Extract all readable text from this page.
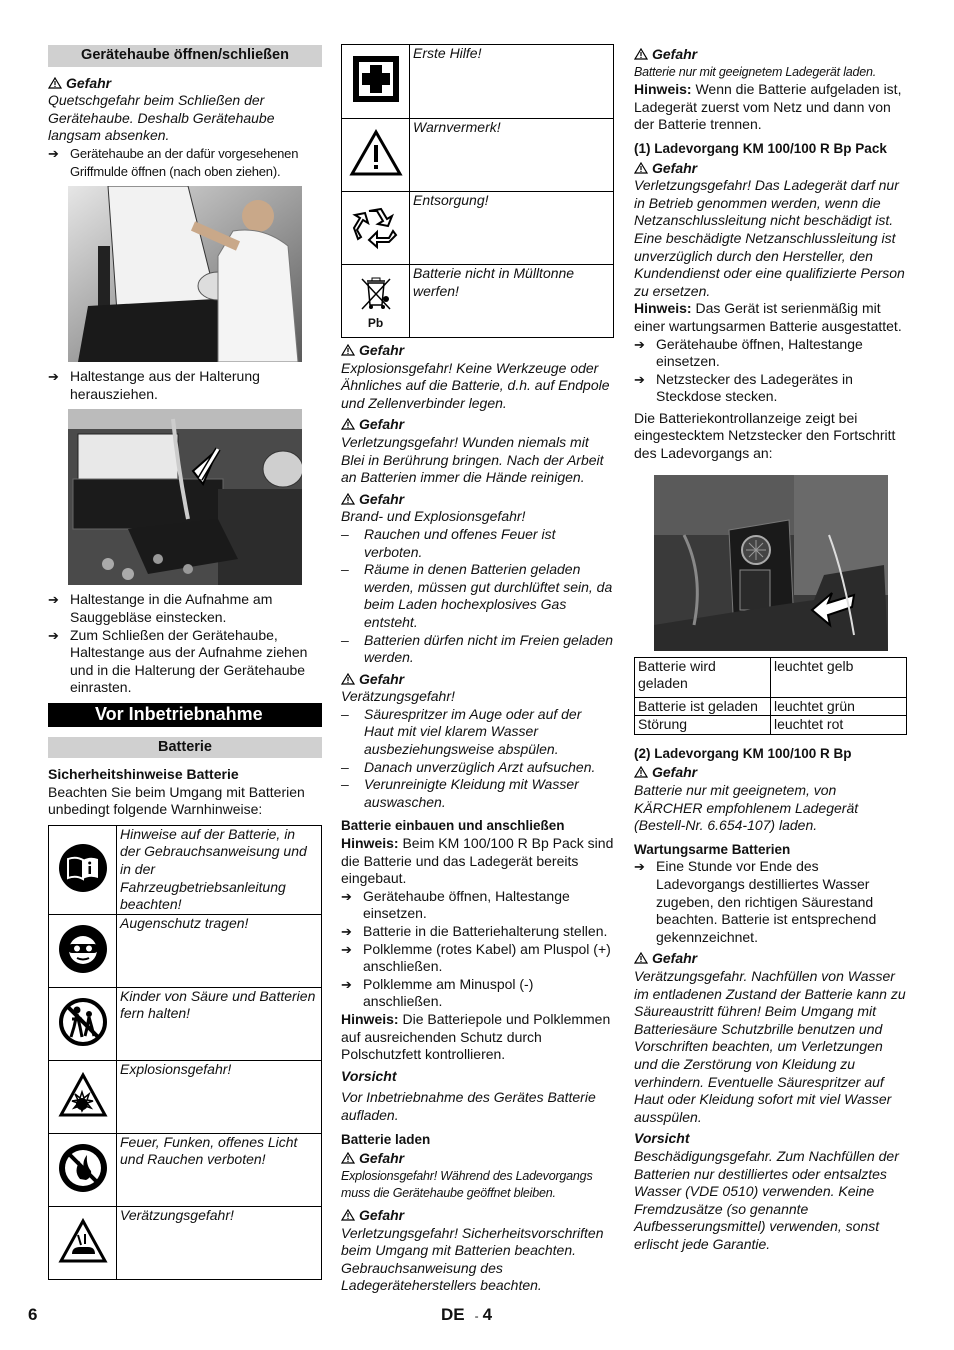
Gerätehaube öffnen/schließen
Gefahr

Quetschgefahr beim Schließen der Gerätehaube. Deshalb Gerätehaube langsam absenken.

➔ Gerätehaube an der dafür vorgesehenen Griffmulde öffnen (nach oben ziehen).

➔ Haltestange aus der Halterung herausziehen.

➔ Haltestange in die Aufnahme am Sauggebläse einstecken.

➔ Zum Schließen der Gerätehaube, Haltestange aus der Aufnahme ziehen und in die Halterung der Gerätehaube einrasten.

Vor Inbetriebnahme
Batterie

Sicherheitshinweise Batterie

Beachten Sie beim Umgang mit Batterien unbedingt folgende Warnhinweise:

	Hinweise auf der Batterie, in der Gebrauchsanweisung und in der Fahrzeugbetriebsanleitung beachten!
	Augenschutz tragen!
	Kinder von Säure und Batterien fern halten!
	Explosionsgefahr!
	Feuer, Funken, offenes Licht und Rauchen verboten!
	Verätzungsgefahr!
	Erste Hilfe!
	Warnvermerk!
	Entsorgung!

Pb	Batterie nicht in Mülltonne werfen!
Gefahr

Explosionsgefahr! Keine Werkzeuge oder Ähnliches auf die Batterie, d.h. auf Endpole und Zellenverbinder legen.

Gefahr

Verletzungsgefahr! Wunden niemals mit Blei in Berührung bringen. Nach der Arbeit an Batterien immer die Hände reinigen.

Gefahr

Brand- und Explosionsgefahr!

– Rauchen und offenes Feuer ist verboten.

– Räume in denen Batterien geladen werden, müssen gut durchlüftet sein, da beim Laden hochexplosives Gas entsteht.

– Batterien dürfen nicht im Freien geladen werden.

Gefahr

Verätzungsgefahr!

– Säurespritzer im Auge oder auf der Haut mit viel klarem Wasser ausbeziehungsweise abspülen.

– Danach unverzüglich Arzt aufsuchen.

– Verunreinigte Kleidung mit Wasser auswaschen.

Batterie einbauen und anschließen

Hinweis: Beim KM 100/100 R Bp Pack sind die Batterie und das Ladegerät bereits eingebaut.

➔ Gerätehaube öffnen, Haltestange einsetzen.

➔ Batterie in die Batteriehalterung stellen.

➔ Polklemme (rotes Kabel) am Pluspol (+) anschließen.

➔ Polklemme am Minuspol (-) anschließen.

Hinweis: Die Batteriepole und Polklemmen auf ausreichenden Schutz durch Polschutzfett kontrollieren.

Vorsicht

Vor Inbetriebnahme des Gerätes Batterie aufladen.

Batterie laden

Gefahr

Explosionsgefahr! Während des Ladevorgangs muss die Gerätehaube geöffnet bleiben.

Gefahr

Verletzungsgefahr! Sicherheitsvorschriften beim Umgang mit Batterien beachten. Gebrauchsanweisung des Ladegeräteherstellers beachten.

Gefahr

Batterie nur mit geeignetem Ladegerät laden.

Hinweis: Wenn die Batterie aufgeladen ist, Ladegerät zuerst vom Netz und dann von der Batterie trennen.

(1) Ladevorgang KM 100/100 R Bp Pack

Gefahr

Verletzungsgefahr! Das Ladegerät darf nur in Betrieb genommen werden, wenn die Netzanschlussleitung nicht beschädigt ist. Eine beschädigte Netzanschlussleitung ist unverzüglich durch den Hersteller, den Kundendienst oder eine qualifizierte Person zu ersetzen.

Hinweis: Das Gerät ist serienmäßig mit einer wartungsarmen Batterie ausgestattet.

➔ Gerätehaube öffnen, Haltestange einsetzen.

➔ Netzstecker des Ladegerätes in Steckdose stecken.

Die Batteriekontrollanzeige zeigt bei eingestecktem Netzstecker den Fortschritt des Ladevorgangs an:

Batterie wird geladen	leuchtet gelb
Batterie ist geladen	leuchtet grün
Störung	leuchtet rot

(2) Ladevorgang KM 100/100 R Bp

Gefahr

Batterie nur mit geeignetem, von KÄRCHER empfohlenem Ladegerät (Bestell-Nr. 6.654-107) laden.

Wartungsarme Batterien

➔ Eine Stunde vor Ende des Ladevorgangs destilliertes Wasser zugeben, den richtigen Säurestand beachten. Batterie ist entsprechend gekennzeichnet.

Gefahr

Verätzungsgefahr. Nachfüllen von Wasser im entladenen Zustand der Batterie kann zu Säureaustritt führen! Beim Umgang mit Batteriesäure Schutzbrille benutzen und Vorschriften beachten, um Verletzungen und die Zerstörung von Kleidung zu verhindern. Eventuelle Säurespritzer auf Haut oder Kleidung sofort mit viel Wasser ausspülen.

Vorsicht

Beschädigungsgefahr. Zum Nachfüllen der Batterien nur destilliertes oder entsalztes Wasser (VDE 0510) verwenden. Keine Fremdzusätze (so genannte Aufbesserungsmittel) verwenden, sonst erlischt jede Garantie.

6	DE - 4
